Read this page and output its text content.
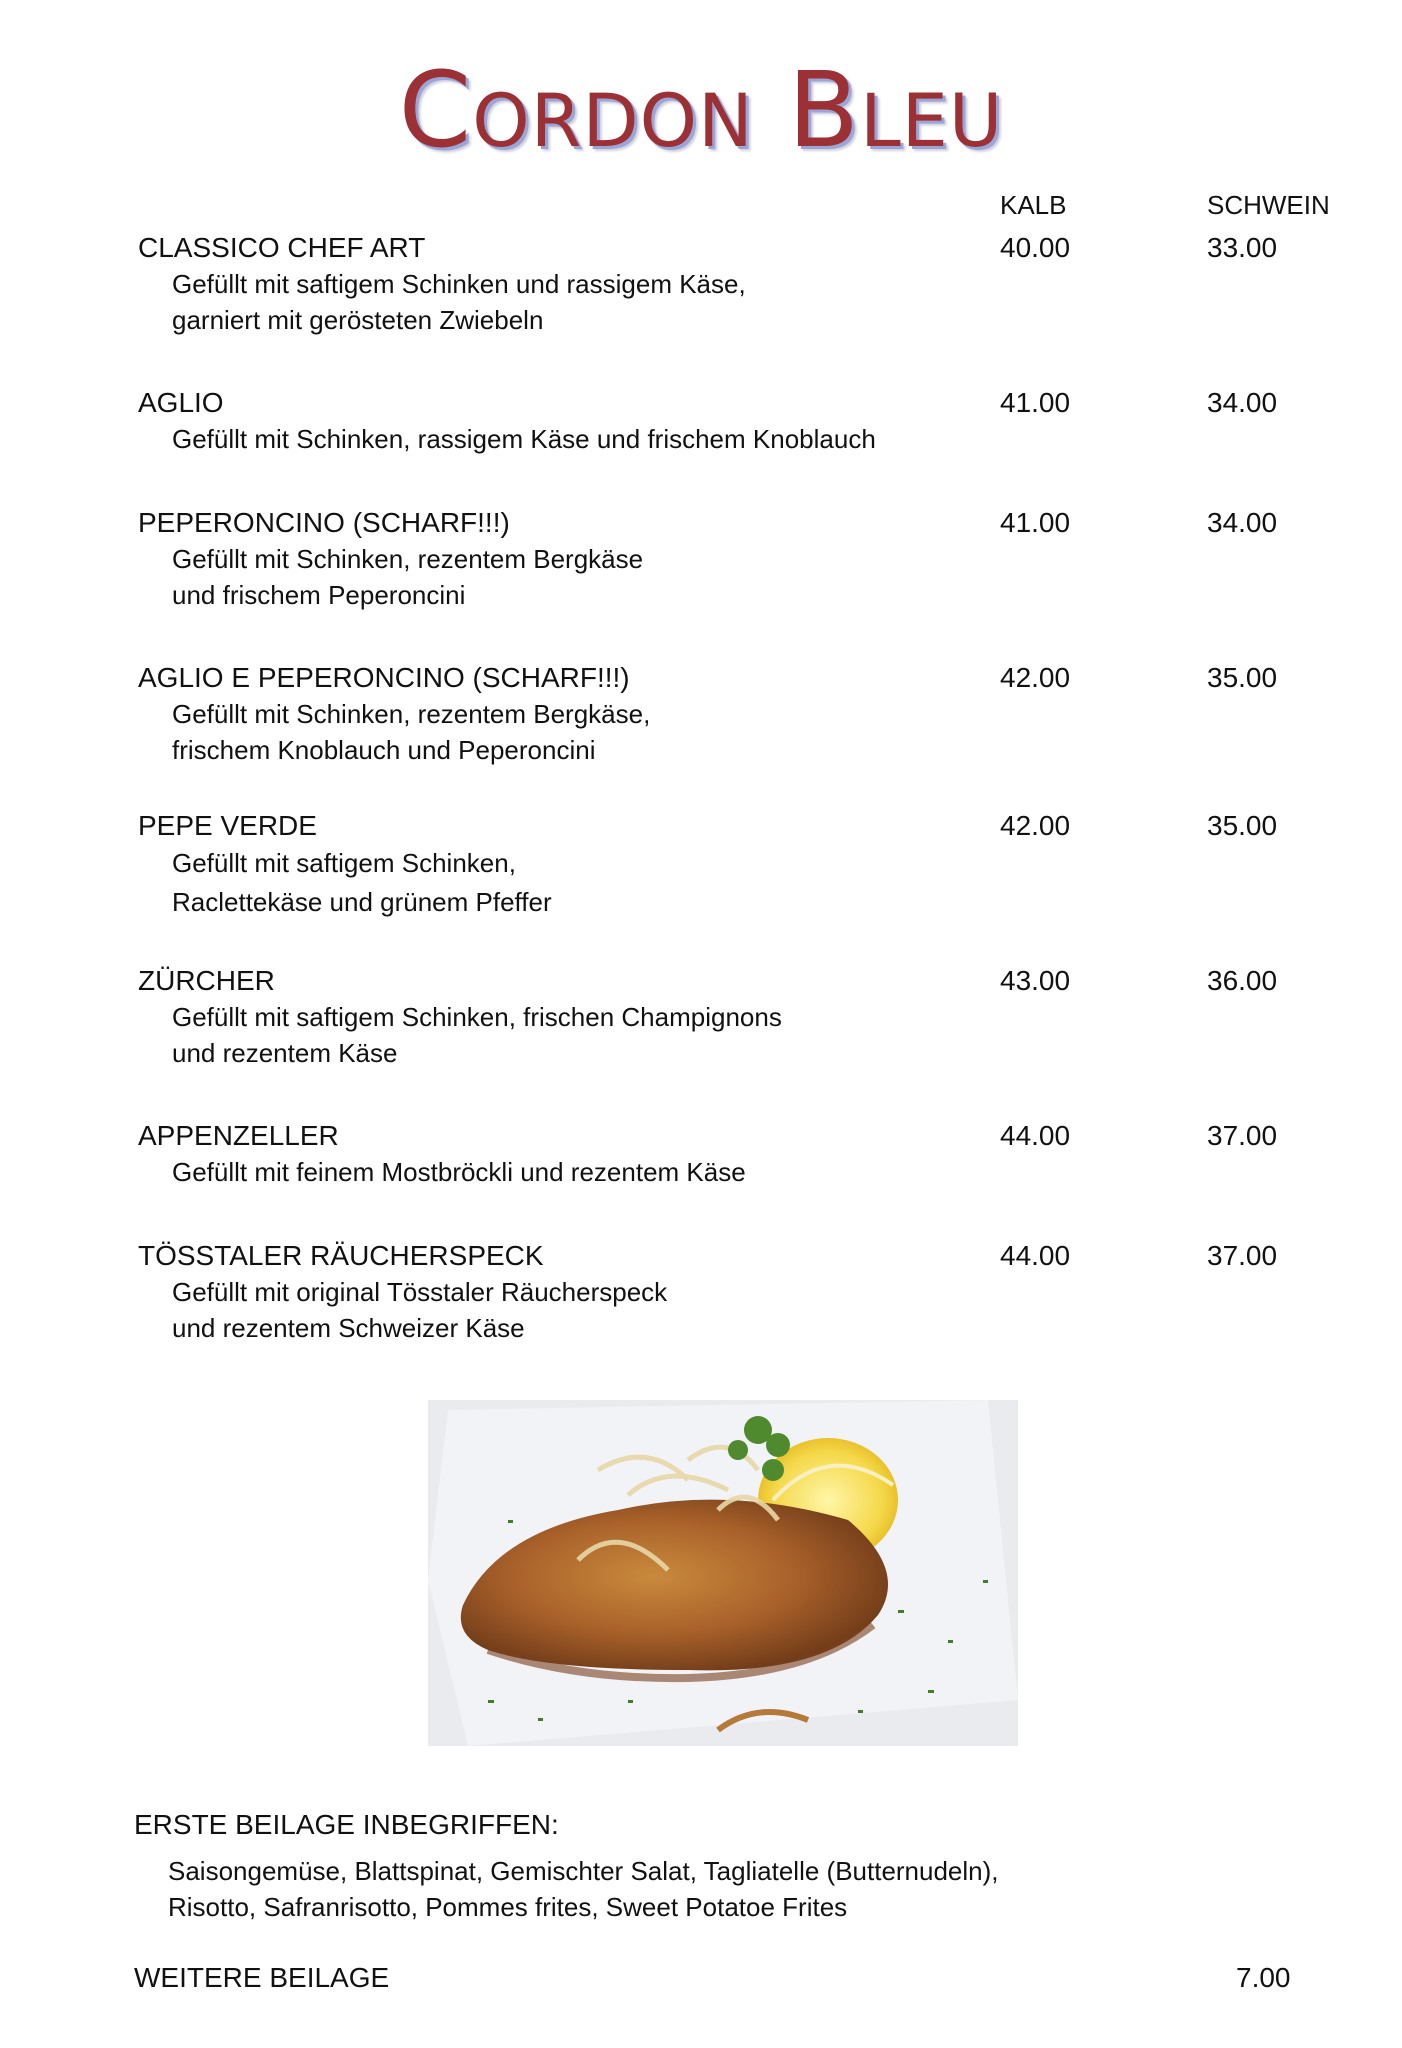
Cordon Bleu
KALB	SCHWEIN

CLASSICO CHEF ART

Gefüllt mit saftigem Schinken und rassigem Käse,
garniert mit gerösteten Zwiebeln

40.00	33.00

AGLIO

Gefüllt mit Schinken, rassigem Käse und frischem Knoblauch

41.00	34.00

PEPERONCINO (SCHARF!!!)

Gefüllt mit Schinken, rezentem Bergkäse
und frischem Peperoncini

41.00	34.00

AGLIO E PEPERONCINO (SCHARF!!!)

Gefüllt mit Schinken, rezentem Bergkäse,
frischem Knoblauch und Peperoncini

42.00	35.00

PEPE VERDE

Gefüllt mit saftigem Schinken,
Raclettekäse und grünem Pfeffer

42.00	35.00

ZÜRCHER

Gefüllt mit saftigem Schinken, frischen Champignons
und rezentem Käse

43.00	36.00

APPENZELLER

Gefüllt mit feinem Mostbröckli und rezentem Käse

44.00	37.00

TÖSSTALER RÄUCHERSPECK

Gefüllt mit original Tösstaler Räucherspeck
und rezentem Schweizer Käse

44.00	37.00
ERSTE BEILAGE INBEGRIFFEN:
Saisongemüse, Blattspinat, Gemischter Salat, Tagliatelle (Butternudeln),
Risotto, Safranrisotto, Pommes frites, Sweet Potatoe Frites
WEITERE BEILAGE	7.00
